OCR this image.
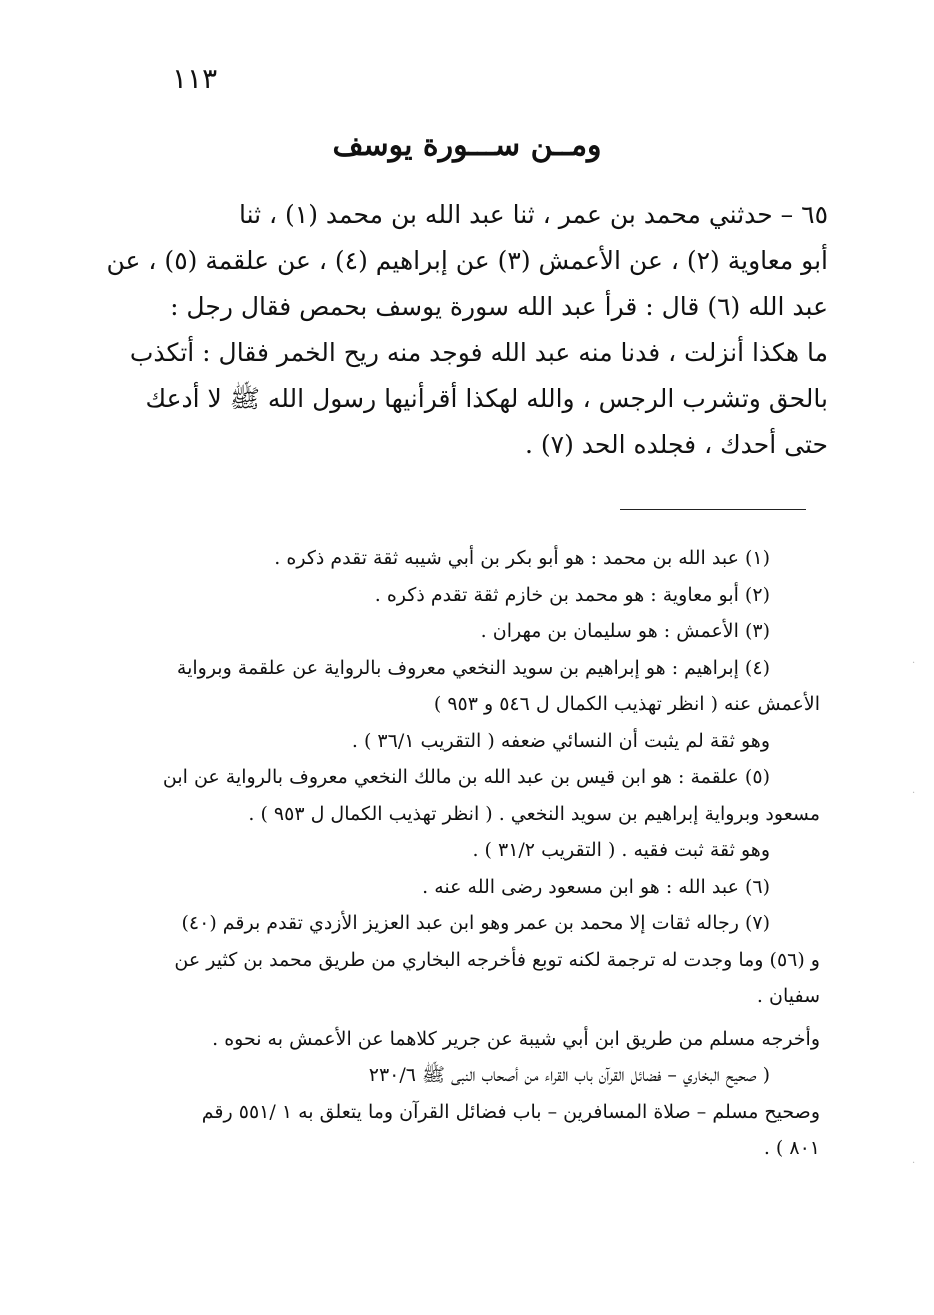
١١٣
ومــن ســـورة يوسف
٦٥ – حدثني محمد بن عمر ، ثنا عبد الله بن محمد (١) ، ثنا
أبو معاوية (٢) ، عن الأعمش (٣) عن إبراهيم (٤) ، عن علقمة (٥) ، عن
عبد الله (٦) قال : قرأ عبد الله سورة يوسف بحمص فقال رجل :
ما هكذا أنزلت ، فدنا منه عبد الله فوجد منه ريح الخمر فقال : أتكذب
بالحق وتشرب الرجس ، والله لهكذا أقرأنيها رسول الله ﷺ لا أدعك
حتى أحدك ، فجلده الحد (٧) .
(١) عبد الله بن محمد : هو أبو بكر بن أبي شيبه ثقة تقدم ذكره .
(٢) أبو معاوية : هو محمد بن خازم ثقة تقدم ذكره .
(٣) الأعمش : هو سليمان بن مهران .
(٤) إبراهيم : هو إبراهيم بن سويد النخعي معروف بالرواية عن علقمة وبرواية
الأعمش عنه ( انظر تهذيب الكمال ل ٥٤٦ و ٩٥٣ )
وهو ثقة لم يثبت أن النسائي ضعفه ( التقريب ٣٦/١ ) .
(٥) علقمة : هو ابن قيس بن عبد الله بن مالك النخعي معروف بالرواية عن ابن
مسعود وبرواية إبراهيم بن سويد النخعي . ( انظر تهذيب الكمال ل ٩٥٣ ) .
وهو ثقة ثبت فقيه . ( التقريب ٣١/٢ ) .
(٦) عبد الله : هو ابن مسعود رضى الله عنه .
(٧) رجاله ثقات إلا محمد بن عمر وهو ابن عبد العزيز الأزدي تقدم برقم (٤٠)
و (٥٦) وما وجدت له ترجمة لكنه توبع فأخرجه البخاري من طريق محمد بن كثير عن
سفيان .
وأخرجه مسلم من طريق ابن أبي شيبة عن جرير كلاهما عن الأعمش به نحوه .
( صحيح البخاري – فضائل القرآن باب القراء من أصحاب النبى ﷺ ٢٣٠/٦
وصحيح مسلم – صلاة المسافرين – باب فضائل القرآن وما يتعلق به ١ /٥٥١ رقم
٨٠١ ) .
·
·
·
